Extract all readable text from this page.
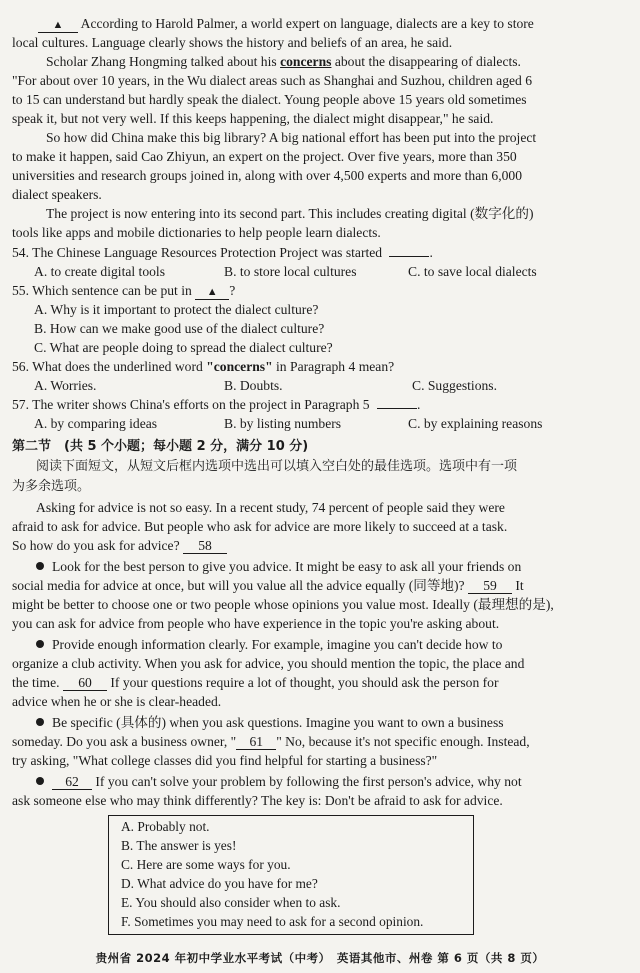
▲ According to Harold Palmer, a world expert on language, dialects are a key to store
local cultures. Language clearly shows the history and beliefs of an area, he said.
Scholar Zhang Hongming talked about his concerns about the disappearing of dialects.
"For about over 10 years, in the Wu dialect areas such as Shanghai and Suzhou, children aged 6
to 15 can understand but hardly speak the dialect. Young people above 15 years old sometimes
speak it, but not very well. If this keeps happening, the dialect might disappear," he said.
So how did China make this big library? A big national effort has been put into the project
to make it happen, said Cao Zhiyun, an expert on the project. Over five years, more than 350
universities and research groups joined in, along with over 4,500 experts and more than 6,000
dialect speakers.
The project is now entering into its second part. This includes creating digital (数字化的)
tools like apps and mobile dictionaries to help people learn dialects.
54. The Chinese Language Resources Protection Project was started	.
A. to create digital tools	B. to store local cultures	C. to save local dialects
55. Which sentence can be put in ▲ ?
A. Why is it important to protect the dialect culture?
B. How can we make good use of the dialect culture?
C. What are people doing to spread the dialect culture?
56. What does the underlined word "concerns" in Paragraph 4 mean?
A. Worries.	B. Doubts.	C. Suggestions.
57. The writer shows China's efforts on the project in Paragraph 5	.
A. by comparing ideas	B. by listing numbers	C. by explaining reasons
第二节　(共 5 个小题；每小题 2 分，满分 10 分)
阅读下面短文，从短文后框内选项中选出可以填入空白处的最佳选项。选项中有一项
为多余选项。
Asking for advice is not so easy. In a recent study, 74 percent of people said they were
afraid to ask for advice. But people who ask for advice are more likely to succeed at a task.
So how do you ask for advice? 58
Look for the best person to give you advice. It might be easy to ask all your friends on
social media for advice at once, but will you value all the advice equally (同等地)? 59 It
might be better to choose one or two people whose opinions you value most. Ideally (最理想的是),
you can ask for advice from people who have experience in the topic you're asking about.
Provide enough information clearly. For example, imagine you can't decide how to
organize a club activity. When you ask for advice, you should mention the topic, the place and
the time. 60 If your questions require a lot of thought, you should ask the person for
advice when he or she is clear-headed.
Be specific (具体的) when you ask questions. Imagine you want to own a business
someday. Do you ask a business owner, " 61 " No, because it's not specific enough. Instead,
try asking, "What college classes did you find helpful for starting a business?"
62 If you can't solve your problem by following the first person's advice, why not
ask someone else who may think differently? The key is: Don't be afraid to ask for advice.
A. Probably not.
B. The answer is yes!
C. Here are some ways for you.
D. What advice do you have for me?
E. You should also consider when to ask.
F. Sometimes you may need to ask for a second opinion.
贵州省 2024 年初中学业水平考试（中考）　英语其他市、州卷 第 6 页（共 8 页）
